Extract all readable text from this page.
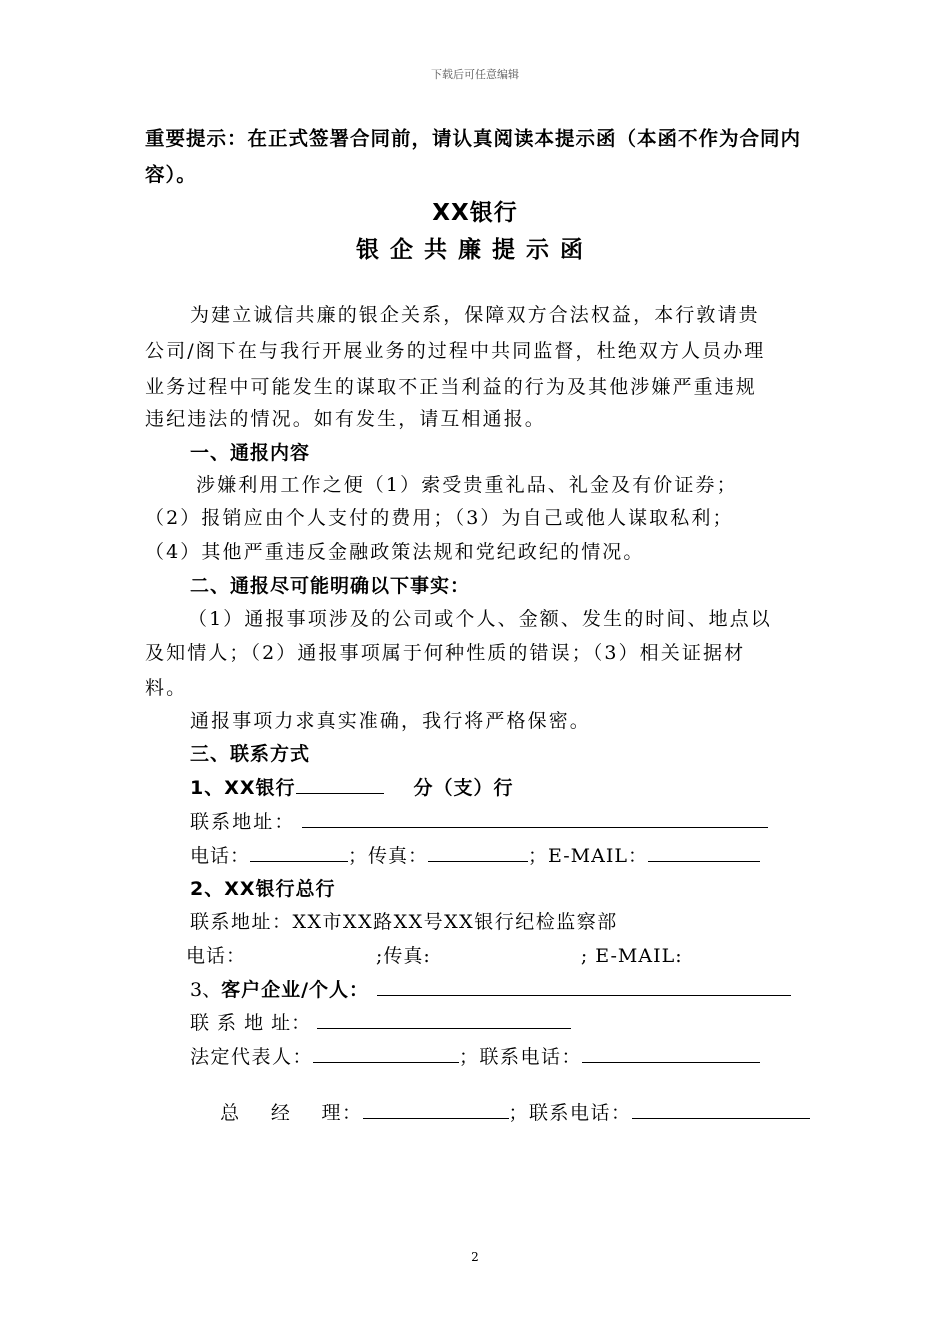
下载后可任意编辑
重要提示：在正式签署合同前，请认真阅读本提示函（本函不作为合同内容）。
XX银行
银企共廉提示函
为建立诚信共廉的银企关系，保障双方合法权益，本行敦请贵
公司/阁下在与我行开展业务的过程中共同监督，杜绝双方人员办理
业务过程中可能发生的谋取不正当利益的行为及其他涉嫌严重违规
违纪违法的情况。如有发生，请互相通报。
一、通报内容
涉嫌利用工作之便（1）索受贵重礼品、礼金及有价证券；
（2）报销应由个人支付的费用；（3）为自己或他人谋取私利；
（4）其他严重违反金融政策法规和党纪政纪的情况。
二、通报尽可能明确以下事实：
（1）通报事项涉及的公司或个人、金额、发生的时间、地点以
及知情人；（2）通报事项属于何种性质的错误；（3）相关证据材
料。
通报事项力求真实准确，我行将严格保密。
三、联系方式
1、XX银行	分（支）行
联系地址：
电话：	；传真：	；E-MAIL：
2、XX银行总行
联系地址：XX市XX路XX号XX银行纪检监察部
电话：	;传真:	; E-MAIL:
3、客户企业/个人：
联 系 地 址：
法定代表人：	；联系电话：

总    经    理：	；联系电话：

2
